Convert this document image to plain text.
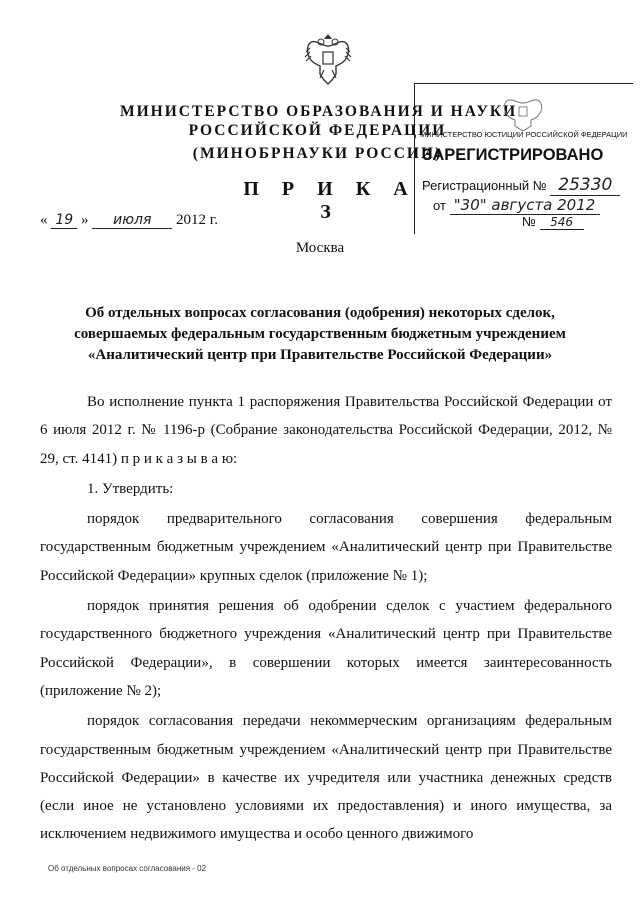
МИНИСТЕРСТВО ОБРАЗОВАНИЯ И НАУКИ
РОССИЙСКОЙ ФЕДЕРАЦИИ
(МИНОБРНАУКИ РОССИИ)
П Р И К А З
« 19 » июля 2012 г.
Москва
МИНИСТЕРСТВО ЮСТИЦИИ РОССИЙСКОЙ ФЕДЕРАЦИИ
ЗАРЕГИСТРИРОВАНО
Регистрационный № 25330
от "30" августа 2012
№ 546
Об отдельных вопросах согласования (одобрения) некоторых сделок,
совершаемых федеральным государственным бюджетным учреждением
«Аналитический центр при Правительстве Российской Федерации»

Во исполнение пункта 1 распоряжения Правительства Российской Федерации от 6 июля 2012 г. № 1196-р (Собрание законодательства Российской Федерации, 2012, № 29, ст. 4141) п р и к а з ы в а ю:

1. Утвердить:

порядок предварительного согласования совершения федеральным государственным бюджетным учреждением «Аналитический центр при Правительстве Российской Федерации» крупных сделок (приложение № 1);

порядок принятия решения об одобрении сделок с участием федерального государственного бюджетного учреждения «Аналитический центр при Правительстве Российской Федерации», в совершении которых имеется заинтересованность (приложение № 2);

порядок согласования передачи некоммерческим организациям федеральным государственным бюджетным учреждением «Аналитический центр при Правительстве Российской Федерации» в качестве их учредителя или участника денежных средств (если иное не установлено условиями их предоставления) и иного имущества, за исключением недвижимого имущества и особо ценного движимого

Об отдельных вопросах согласования - 02
